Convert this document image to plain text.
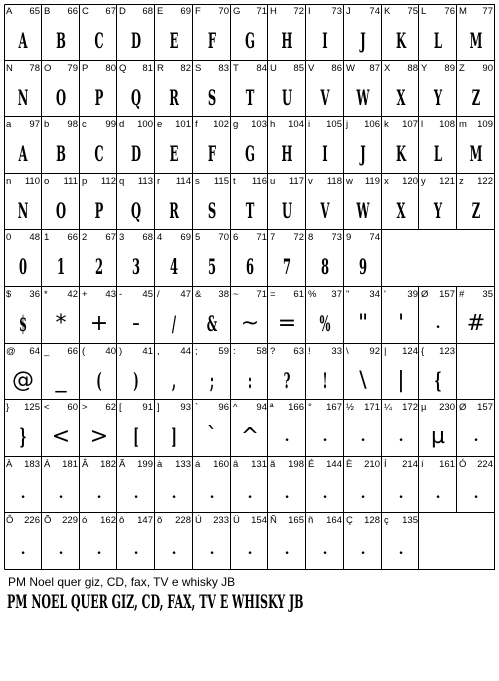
A 65
A
B 66
B
C 67
C
D 68
D
E 69
E
F 70
F
G 71
G
H 72
H
I 73
I
J 74
J
K 75
K
L 76
L
M 77
M
N 78
N
O 79
O
P 80
P
Q 81
Q
R 82
R
S 83
S
T 84
T
U 85
U
V 86
V
W 87
W
X 88
X
Y 89
Y
Z 90
Z
a 97
A
b 98
B
c 99
C
d 100
D
e 101
E
f 102
F
g 103
G
h 104
H
i 105
I
j 106
J
k 107
K
l 108
L
m 109
M
n 110
N
o 111
O
p 112
P
q 113
Q
r 114
R
s 115
S
t 116
T
u 117
U
v 118
V
w 119
W
x 120
X
y 121
Y
z 122
Z
0 48
0
1 66
1
2 67
2
3 68
3
4 69
4
5 70
5
6 71
6
7 72
7
8 73
8
9 74
9
$ 36
$
* 42
*
+ 43
+
- 45
-
/ 47
/
& 38
&
~ 71
~
= 61
=
% 37
%
" 34
"
' 39
'
Ø 157
.
# 35
#
@ 64
@
_ 66
_
( 40
(
) 41
)
, 44
,
; 59
;
: 58
:
? 63
?
! 33
!
\ 92
\
| 124
|
{ 123
{
} 125
}
< 60
<
> 62
>
[ 91
[
] 93
]
` 96
`
^ 94
^
ª 166
.
° 167
.
½ 171
.
¼ 172
.
µ 230
µ
Ø 157
.
À 183
.
Á 181
.
Â 182
.
Ã 199
.
à 133
.
á 160
.
â 131
.
ã 198
.
É 144
.
È 210
.
Í 214
.
í 161
.
Ó 224
.
Ô 226
.
Õ 229
.
ó 162
.
ô 147
.
õ 228
.
Ú 233
.
Ü 154
.
Ñ 165
.
ñ 164
.
Ç 128
.
ç 135
.
PM Noel quer giz, CD, fax, TV e whisky JB
PM NOEL QUER GIZ, CD, FAX, TV E WHISKY JB
